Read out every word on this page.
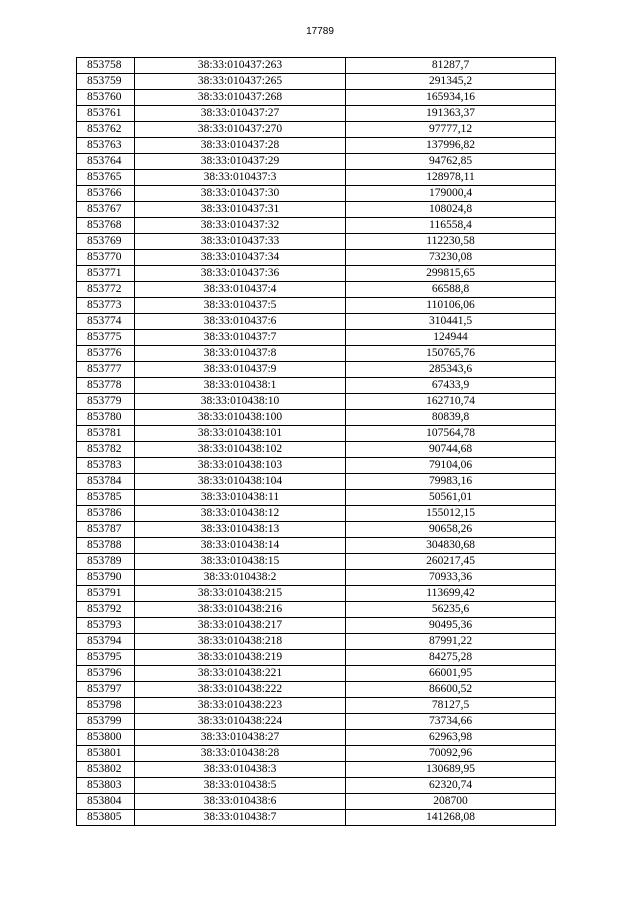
17789
853758	38:33:010437:263	81287,7
853759	38:33:010437:265	291345,2
853760	38:33:010437:268	165934,16
853761	38:33:010437:27	191363,37
853762	38:33:010437:270	97777,12
853763	38:33:010437:28	137996,82
853764	38:33:010437:29	94762,85
853765	38:33:010437:3	128978,11
853766	38:33:010437:30	179000,4
853767	38:33:010437:31	108024,8
853768	38:33:010437:32	116558,4
853769	38:33:010437:33	112230,58
853770	38:33:010437:34	73230,08
853771	38:33:010437:36	299815,65
853772	38:33:010437:4	66588,8
853773	38:33:010437:5	110106,06
853774	38:33:010437:6	310441,5
853775	38:33:010437:7	124944
853776	38:33:010437:8	150765,76
853777	38:33:010437:9	285343,6
853778	38:33:010438:1	67433,9
853779	38:33:010438:10	162710,74
853780	38:33:010438:100	80839,8
853781	38:33:010438:101	107564,78
853782	38:33:010438:102	90744,68
853783	38:33:010438:103	79104,06
853784	38:33:010438:104	79983,16
853785	38:33:010438:11	50561,01
853786	38:33:010438:12	155012,15
853787	38:33:010438:13	90658,26
853788	38:33:010438:14	304830,68
853789	38:33:010438:15	260217,45
853790	38:33:010438:2	70933,36
853791	38:33:010438:215	113699,42
853792	38:33:010438:216	56235,6
853793	38:33:010438:217	90495,36
853794	38:33:010438:218	87991,22
853795	38:33:010438:219	84275,28
853796	38:33:010438:221	66001,95
853797	38:33:010438:222	86600,52
853798	38:33:010438:223	78127,5
853799	38:33:010438:224	73734,66
853800	38:33:010438:27	62963,98
853801	38:33:010438:28	70092,96
853802	38:33:010438:3	130689,95
853803	38:33:010438:5	62320,74
853804	38:33:010438:6	208700
853805	38:33:010438:7	141268,08
